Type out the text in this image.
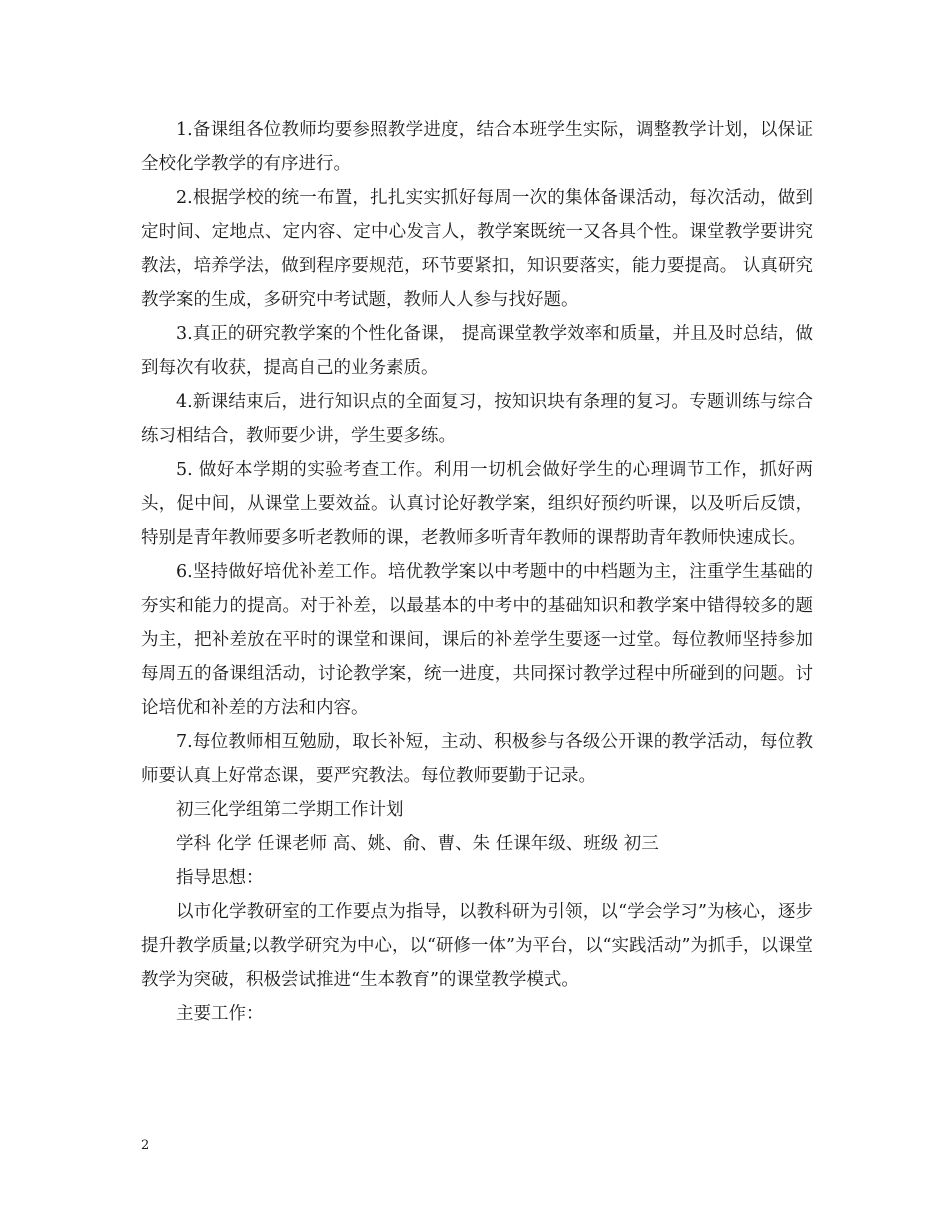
1.备课组各位教师均要参照教学进度，结合本班学生实际，调整教学计划，以保证全校化学教学的有序进行。

2.根据学校的统一布置，扎扎实实抓好每周一次的集体备课活动，每次活动，做到定时间、定地点、定内容、定中心发言人，教学案既统一又各具个性。课堂教学要讲究教法，培养学法，做到程序要规范，环节要紧扣，知识要落实，能力要提高。 认真研究教学案的生成，多研究中考试题，教师人人参与找好题。

3.真正的研究教学案的个性化备课， 提高课堂教学效率和质量，并且及时总结，做到每次有收获，提高自己的业务素质。

4.新课结束后，进行知识点的全面复习，按知识块有条理的复习。专题训练与综合练习相结合，教师要少讲，学生要多练。

5. 做好本学期的实验考查工作。利用一切机会做好学生的心理调节工作，抓好两头，促中间，从课堂上要效益。认真讨论好教学案，组织好预约听课，以及听后反馈，特别是青年教师要多听老教师的课，老教师多听青年教师的课帮助青年教师快速成长。

6.坚持做好培优补差工作。培优教学案以中考题中的中档题为主，注重学生基础的夯实和能力的提高。对于补差，以最基本的中考中的基础知识和教学案中错得较多的题为主，把补差放在平时的课堂和课间，课后的补差学生要逐一过堂。每位教师坚持参加每周五的备课组活动，讨论教学案，统一进度，共同探讨教学过程中所碰到的问题。讨论培优和补差的方法和内容。

7.每位教师相互勉励，取长补短，主动、积极参与各级公开课的教学活动，每位教师要认真上好常态课，要严究教法。每位教师要勤于记录。

初三化学组第二学期工作计划

学科 化学 任课老师 高、姚、俞、曹、朱 任课年级、班级 初三

指导思想：

以市化学教研室的工作要点为指导，以教科研为引领，以“学会学习”为核心，逐步提升教学质量;以教学研究为中心，以“研修一体”为平台，以“实践活动”为抓手，以课堂教学为突破，积极尝试推进“生本教育”的课堂教学模式。

主要工作：

2
